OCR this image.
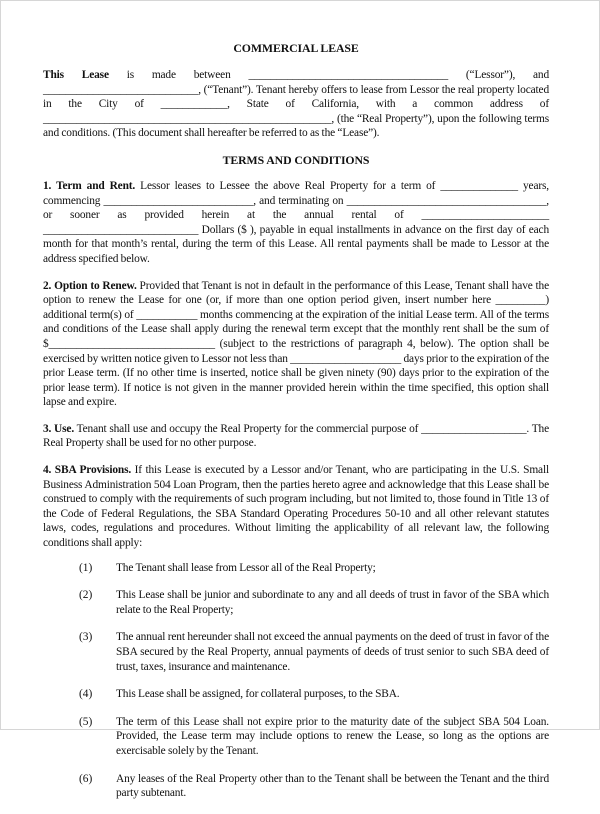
COMMERCIAL LEASE

This Lease is made between ____________________________________ (“Lessor”), and ____________________________, (“Tenant”). Tenant hereby offers to lease from Lessor the real property located in the City of ____________, State of California, with a common address of ____________________________________________________, (the “Real Property”), upon the following terms and conditions. (This document shall hereafter be referred to as the “Lease”).

TERMS AND CONDITIONS

1. Term and Rent. Lessor leases to Lessee the above Real Property for a term of ______________ years, commencing ___________________________, and terminating on ____________________________________, or sooner as provided herein at the annual rental of _______________________ ____________________________ Dollars ($ ), payable in equal installments in advance on the first day of each month for that month’s rental, during the term of this Lease. All rental payments shall be made to Lessor at the address specified below.

2. Option to Renew. Provided that Tenant is not in default in the performance of this Lease, Tenant shall have the option to renew the Lease for one (or, if more than one option period given, insert number here _________) additional term(s) of ___________ months commencing at the expiration of the initial Lease term. All of the terms and conditions of the Lease shall apply during the renewal term except that the monthly rent shall be the sum of $______________________________ (subject to the restrictions of paragraph 4, below). The option shall be exercised by written notice given to Lessor not less than ____________________ days prior to the expiration of the prior Lease term. (If no other time is inserted, notice shall be given ninety (90) days prior to the expiration of the prior lease term). If notice is not given in the manner provided herein within the time specified, this option shall lapse and expire.

3. Use. Tenant shall use and occupy the Real Property for the commercial purpose of ___________________. The Real Property shall be used for no other purpose.

4. SBA Provisions. If this Lease is executed by a Lessor and/or Tenant, who are participating in the U.S. Small Business Administration 504 Loan Program, then the parties hereto agree and acknowledge that this Lease shall be construed to comply with the requirements of such program including, but not limited to, those found in Title 13 of the Code of Federal Regulations, the SBA Standard Operating Procedures 50-10 and all other relevant statutes laws, codes, regulations and procedures. Without limiting the applicability of all relevant law, the following conditions shall apply:

(1)	The Tenant shall lease from Lessor all of the Real Property;
(2)	This Lease shall be junior and subordinate to any and all deeds of trust in favor of the SBA which relate to the Real Property;
(3)	The annual rent hereunder shall not exceed the annual payments on the deed of trust in favor of the SBA secured by the Real Property, annual payments of deeds of trust senior to such SBA deed of trust, taxes, insurance and maintenance.
(4)	This Lease shall be assigned, for collateral purposes, to the SBA.
(5)	The term of this Lease shall not expire prior to the maturity date of the subject SBA 504 Loan. Provided, the Lease term may include options to renew the Lease, so long as the options are exercisable solely by the Tenant.
(6)	Any leases of the Real Property other than to the Tenant shall be between the Tenant and the third party subtenant.
